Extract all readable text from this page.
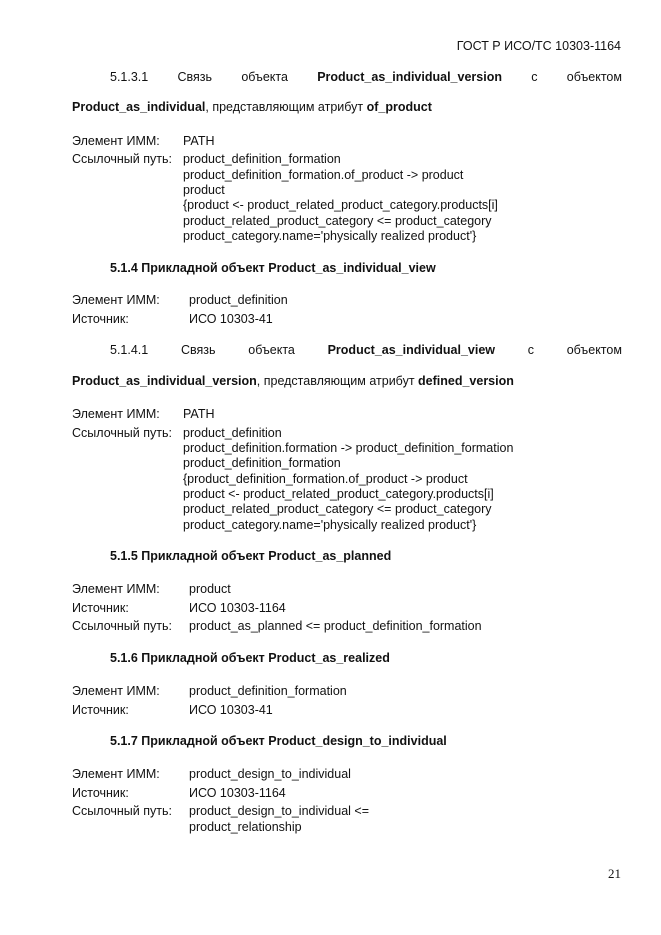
ГОСТ Р ИСО/ТС 10303-1164
5.1.3.1 Связь объекта Product_as_individual_version с объектом
Product_as_individual, представляющим атрибут of_product
Элемент ИММ: PATH
Ссылочный путь: product_definition_formation
product_definition_formation.of_product -> product
product
{product <- product_related_product_category.products[i]
product_related_product_category <= product_category
product_category.name='physically realized product'}
5.1.4 Прикладной объект Product_as_individual_view
Элемент ИММ: product_definition
Источник:	ИСО 10303-41
5.1.4.1	Связь	объекта	Product_as_individual_view	с	объектом
Product_as_individual_version, представляющим атрибут defined_version
Элемент ИММ: PATH
Ссылочный путь: product_definition
product_definition.formation -> product_definition_formation
product_definition_formation
{product_definition_formation.of_product -> product
product <- product_related_product_category.products[i]
product_related_product_category <= product_category
product_category.name='physically realized product'}
5.1.5 Прикладной объект Product_as_planned
Элемент ИММ: product
Источник:	ИСО 10303-1164
Ссылочный путь: product_as_planned <= product_definition_formation
5.1.6 Прикладной объект Product_as_realized
Элемент ИММ: product_definition_formation
Источник:	ИСО 10303-41
5.1.7 Прикладной объект Product_design_to_individual
Элемент ИММ: product_design_to_individual
Источник:	ИСО 10303-1164
Ссылочный путь: product_design_to_individual <=
product_relationship
21
